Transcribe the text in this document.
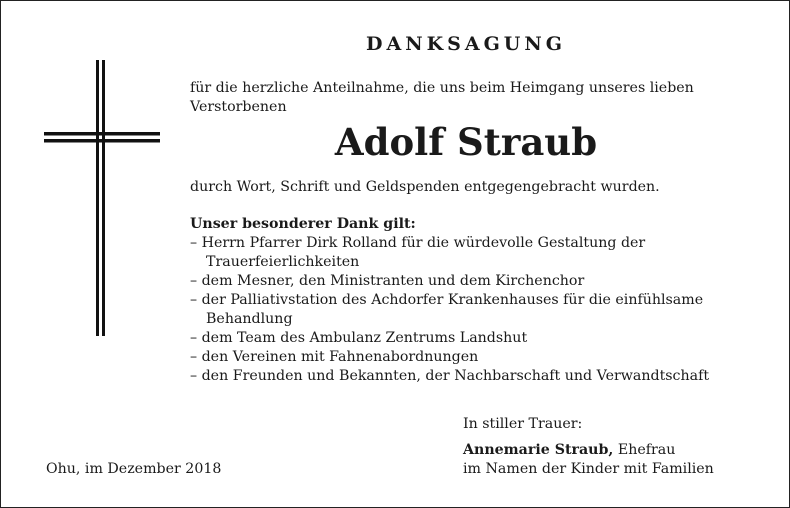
DANKSAGUNG
für die herzliche Anteilnahme, die uns beim Heimgang unseres lieben
Verstorbenen
Adolf Straub
durch Wort, Schrift und Geldspenden entgegengebracht wurden.
Unser besonderer Dank gilt:
– Herrn Pfarrer Dirk Rolland für die würdevolle Gestaltung der
Trauerfeierlichkeiten
– dem Mesner, den Ministranten und dem Kirchenchor
– der Palliativstation des Achdorfer Krankenhauses für die einfühlsame
Behandlung
– dem Team des Ambulanz Zentrums Landshut
– den Vereinen mit Fahnenabordnungen
– den Freunden und Bekannten, der Nachbarschaft und Verwandtschaft
In stiller Trauer:
Annemarie Straub, Ehefrau
im Namen der Kinder mit Familien
Ohu, im Dezember 2018
